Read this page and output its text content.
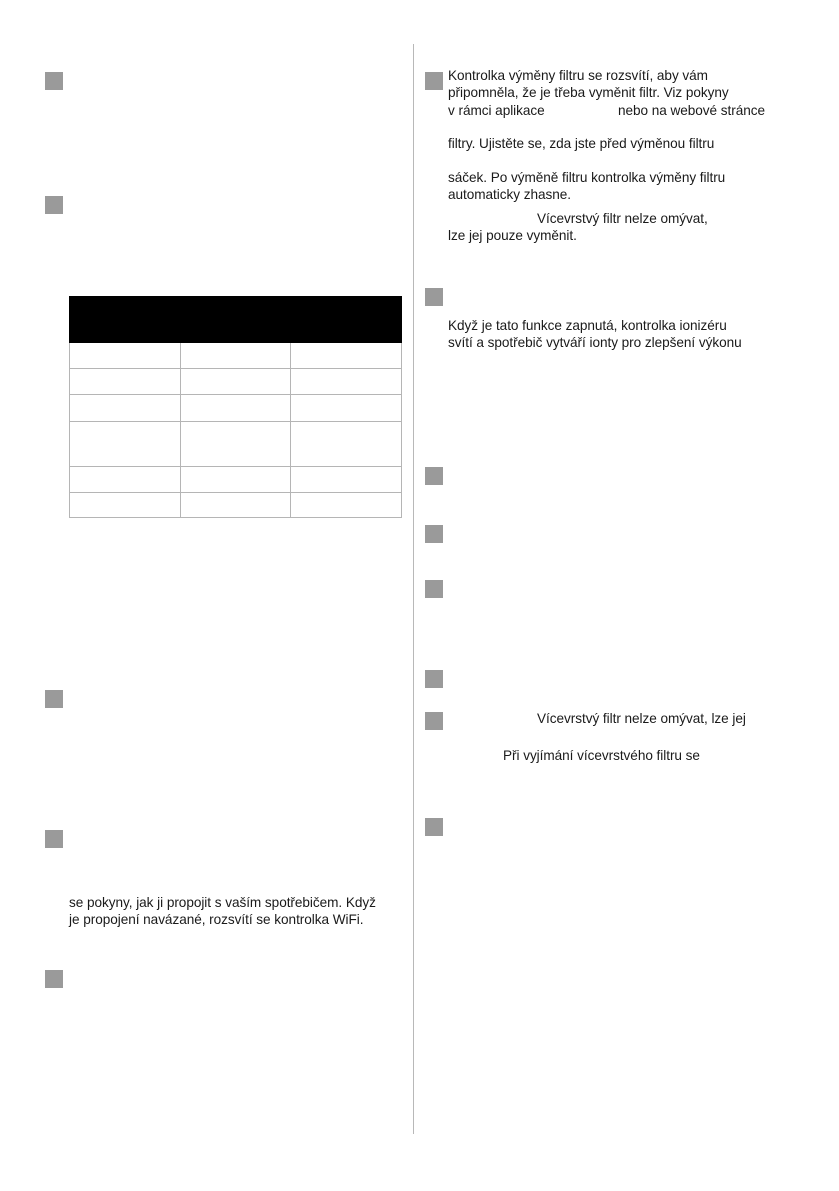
se pokyny, jak ji propojit s vaším spotřebičem. Když
je propojení navázané, rozsvítí se kontrolka WiFi.
Kontrolka výměny filtru se rozsvítí, aby vám
připomněla, že je třeba vyměnit filtr. Viz pokyny
v rámci aplikace	nebo na webové stránce
filtry. Ujistěte se, zda jste před výměnou filtru
sáček. Po výměně filtru kontrolka výměny filtru
automaticky zhasne.
Vícevrstvý filtr nelze omývat,
lze jej pouze vyměnit.
Když je tato funkce zapnutá, kontrolka ionizéru
svítí a spotřebič vytváří ionty pro zlepšení výkonu
Vícevrstvý filtr nelze omývat, lze jej
Při vyjímání vícevrstvého filtru se
